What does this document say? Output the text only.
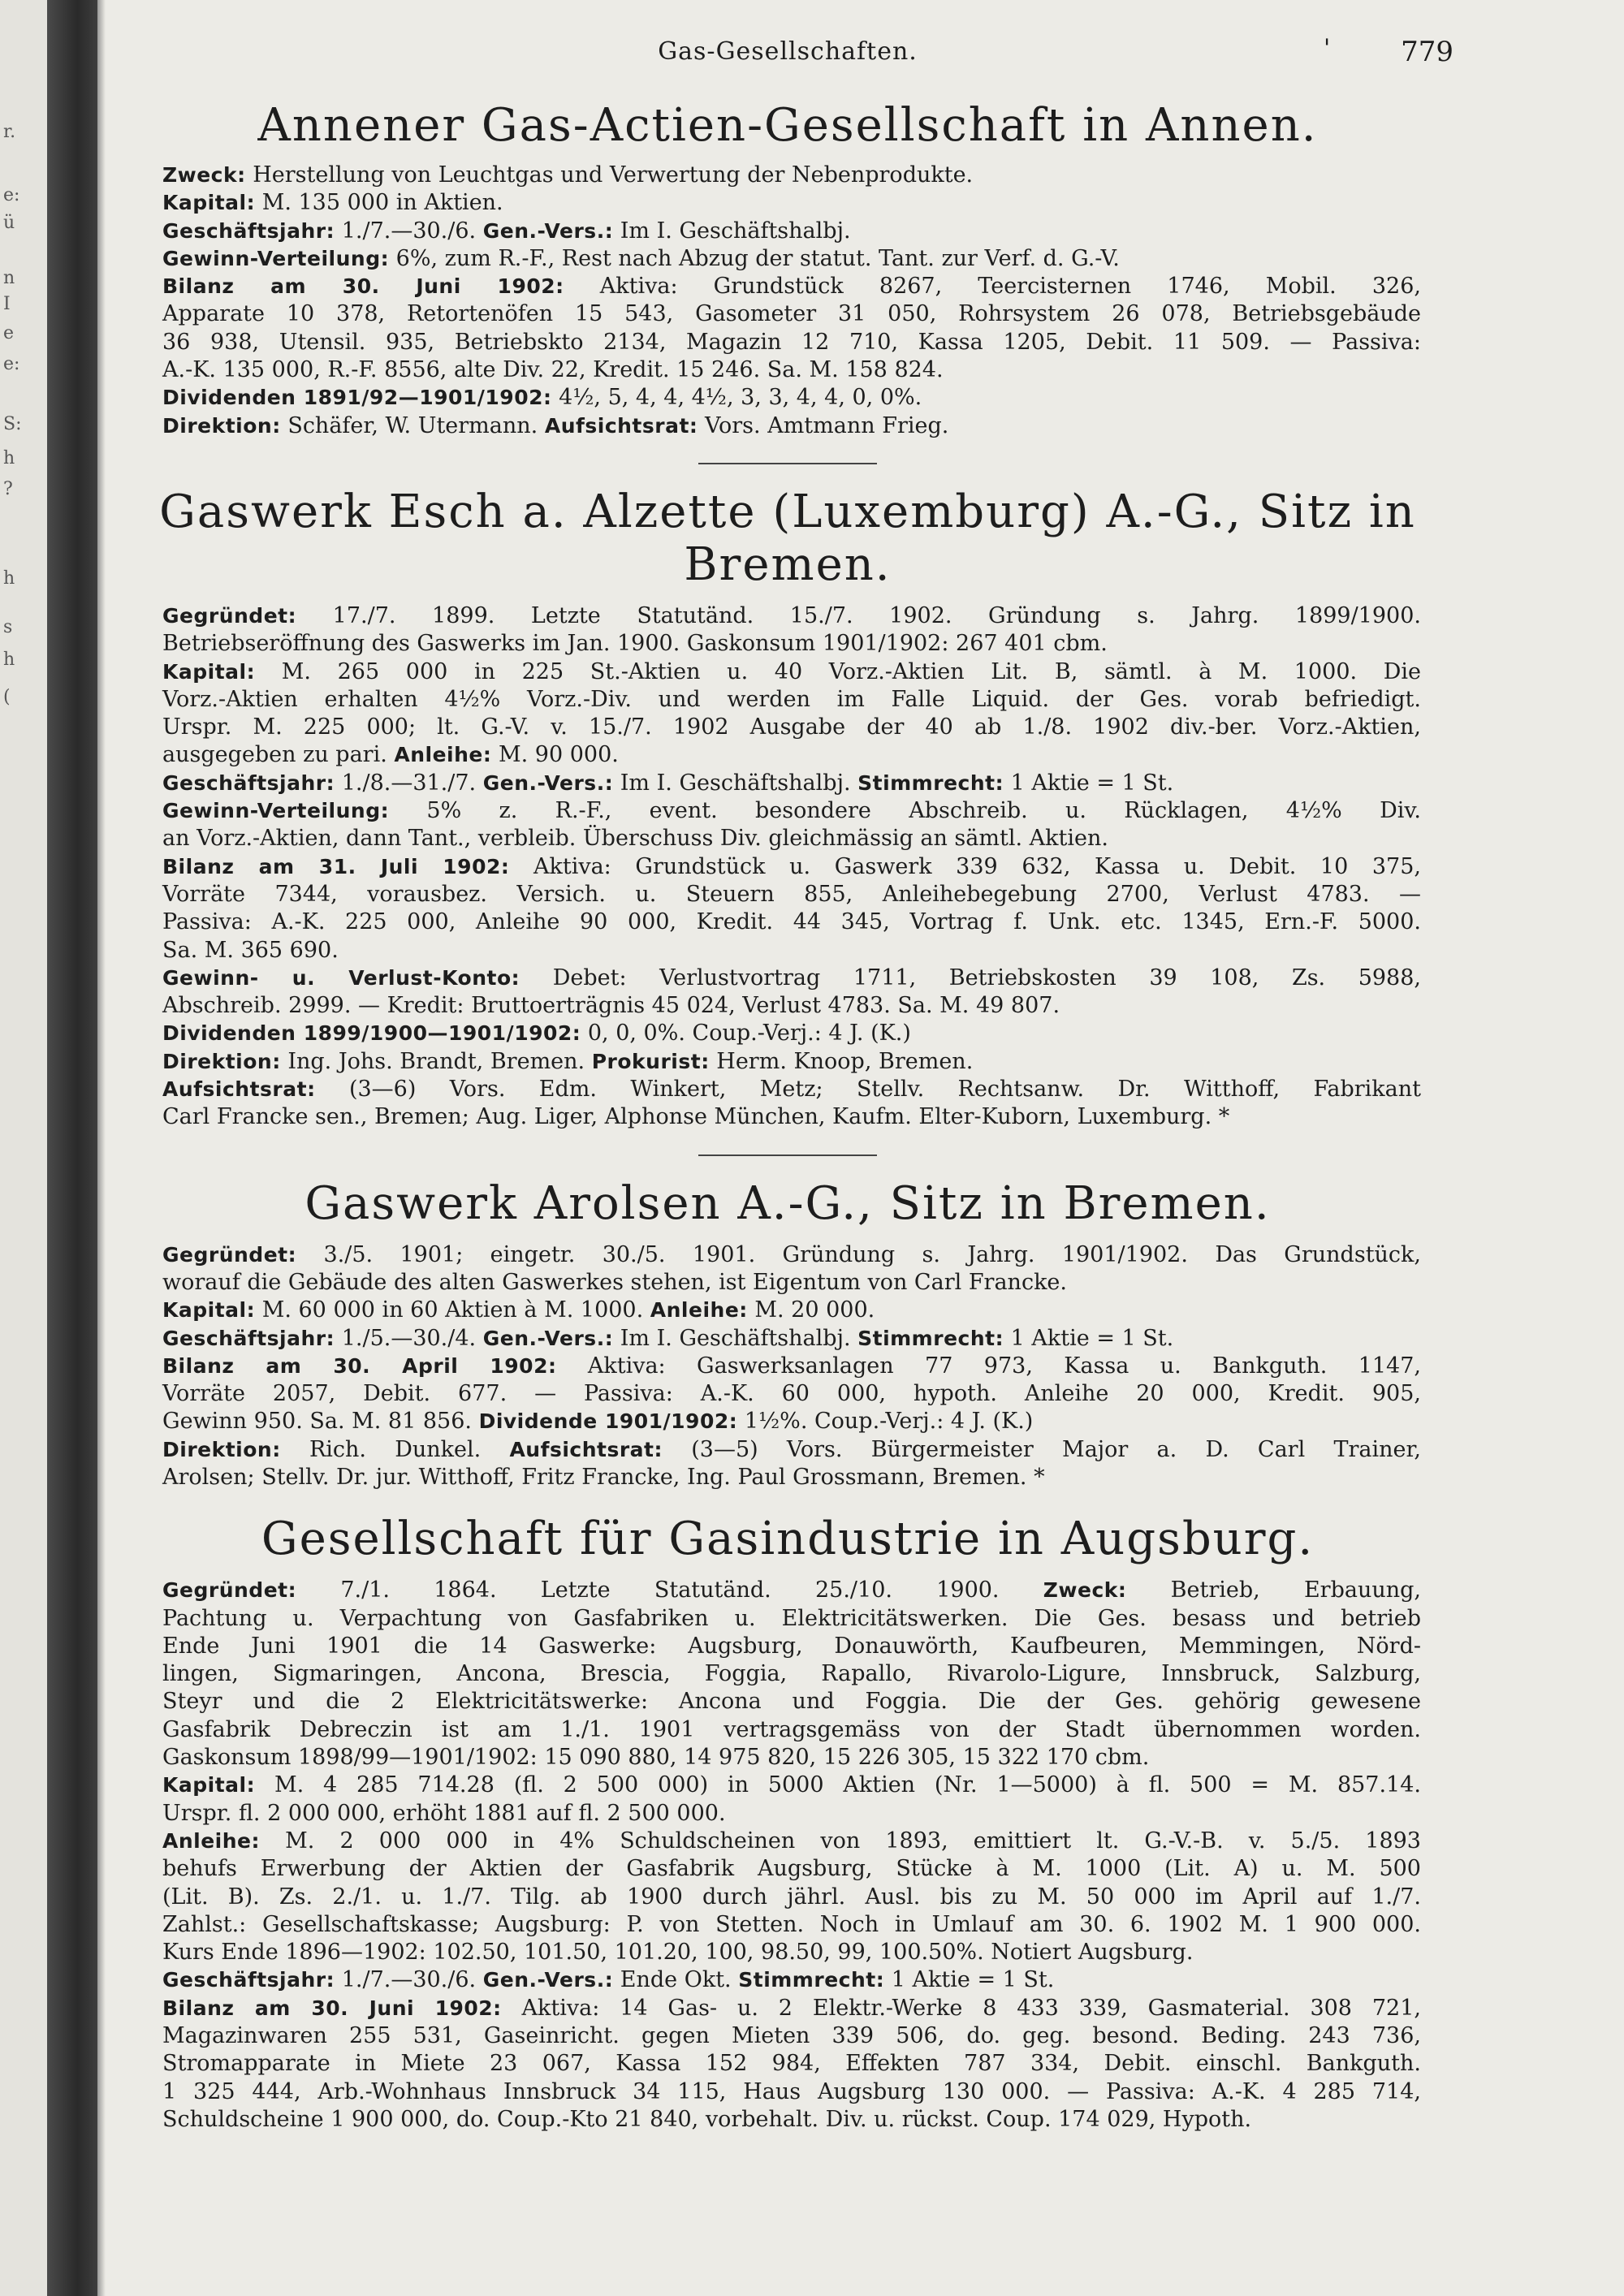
r.
e:
ü
n
I
e
e:
S:
h
?
h
s
h
(
Gas-Gesellschaften.	'	779
Annener Gas-Actien-Gesellschaft in Annen.

Zweck: Herstellung von Leuchtgas und Verwertung der Nebenprodukte.

Kapital: M. 135 000 in Aktien.

Geschäftsjahr: 1./7.—30./6. Gen.-Vers.: Im I. Geschäftshalbj.

Gewinn-Verteilung: 6%, zum R.-F., Rest nach Abzug der statut. Tant. zur Verf. d. G.-V.

Bilanz am 30. Juni 1902: Aktiva: Grundstück 8267, Teercisternen 1746, Mobil. 326,

Apparate 10 378, Retortenöfen 15 543, Gasometer 31 050, Rohrsystem 26 078, Betriebsgebäude

36 938, Utensil. 935, Betriebskto 2134, Magazin 12 710, Kassa 1205, Debit. 11 509. — Passiva:

A.-K. 135 000, R.-F. 8556, alte Div. 22, Kredit. 15 246. Sa. M. 158 824.

Dividenden 1891/92—1901/1902: 4½, 5, 4, 4, 4½, 3, 3, 4, 4, 0, 0%.

Direktion: Schäfer, W. Utermann. Aufsichtsrat: Vors. Amtmann Frieg.

Gaswerk Esch a. Alzette (Luxemburg) A.-G., Sitz in Bremen.

Gegründet: 17./7. 1899. Letzte Statutänd. 15./7. 1902. Gründung s. Jahrg. 1899/1900.

Betriebseröffnung des Gaswerks im Jan. 1900. Gaskonsum 1901/1902: 267 401 cbm.

Kapital: M. 265 000 in 225 St.-Aktien u. 40 Vorz.-Aktien Lit. B, sämtl. à M. 1000. Die

Vorz.-Aktien erhalten 4½% Vorz.-Div. und werden im Falle Liquid. der Ges. vorab befriedigt.

Urspr. M. 225 000; lt. G.-V. v. 15./7. 1902 Ausgabe der 40 ab 1./8. 1902 div.-ber. Vorz.-Aktien,

ausgegeben zu pari. Anleihe: M. 90 000.

Geschäftsjahr: 1./8.—31./7. Gen.-Vers.: Im I. Geschäftshalbj. Stimmrecht: 1 Aktie = 1 St.

Gewinn-Verteilung: 5% z. R.-F., event. besondere Abschreib. u. Rücklagen, 4½% Div.

an Vorz.-Aktien, dann Tant., verbleib. Überschuss Div. gleichmässig an sämtl. Aktien.

Bilanz am 31. Juli 1902: Aktiva: Grundstück u. Gaswerk 339 632, Kassa u. Debit. 10 375,

Vorräte 7344, vorausbez. Versich. u. Steuern 855, Anleihebegebung 2700, Verlust 4783. —

Passiva: A.-K. 225 000, Anleihe 90 000, Kredit. 44 345, Vortrag f. Unk. etc. 1345, Ern.-F. 5000.

Sa. M. 365 690.

Gewinn- u. Verlust-Konto: Debet: Verlustvortrag 1711, Betriebskosten 39 108, Zs. 5988,

Abschreib. 2999. — Kredit: Bruttoerträgnis 45 024, Verlust 4783. Sa. M. 49 807.

Dividenden 1899/1900—1901/1902: 0, 0, 0%. Coup.-Verj.: 4 J. (K.)

Direktion: Ing. Johs. Brandt, Bremen. Prokurist: Herm. Knoop, Bremen.

Aufsichtsrat: (3—6) Vors. Edm. Winkert, Metz; Stellv. Rechtsanw. Dr. Witthoff, Fabrikant

Carl Francke sen., Bremen; Aug. Liger, Alphonse München, Kaufm. Elter-Kuborn, Luxemburg. *

Gaswerk Arolsen A.-G., Sitz in Bremen.

Gegründet: 3./5. 1901; eingetr. 30./5. 1901. Gründung s. Jahrg. 1901/1902. Das Grundstück,

worauf die Gebäude des alten Gaswerkes stehen, ist Eigentum von Carl Francke.

Kapital: M. 60 000 in 60 Aktien à M. 1000. Anleihe: M. 20 000.

Geschäftsjahr: 1./5.—30./4. Gen.-Vers.: Im I. Geschäftshalbj. Stimmrecht: 1 Aktie = 1 St.

Bilanz am 30. April 1902: Aktiva: Gaswerksanlagen 77 973, Kassa u. Bankguth. 1147,

Vorräte 2057, Debit. 677. — Passiva: A.-K. 60 000, hypoth. Anleihe 20 000, Kredit. 905,

Gewinn 950. Sa. M. 81 856. Dividende 1901/1902: 1½%. Coup.-Verj.: 4 J. (K.)

Direktion: Rich. Dunkel. Aufsichtsrat: (3—5) Vors. Bürgermeister Major a. D. Carl Trainer,

Arolsen; Stellv. Dr. jur. Witthoff, Fritz Francke, Ing. Paul Grossmann, Bremen. *

Gesellschaft für Gasindustrie in Augsburg.

Gegründet: 7./1. 1864. Letzte Statutänd. 25./10. 1900. Zweck: Betrieb, Erbauung,

Pachtung u. Verpachtung von Gasfabriken u. Elektricitätswerken. Die Ges. besass und betrieb

Ende Juni 1901 die 14 Gaswerke: Augsburg, Donauwörth, Kaufbeuren, Memmingen, Nörd-

lingen, Sigmaringen, Ancona, Brescia, Foggia, Rapallo, Rivarolo-Ligure, Innsbruck, Salzburg,

Steyr und die 2 Elektricitätswerke: Ancona und Foggia. Die der Ges. gehörig gewesene

Gasfabrik Debreczin ist am 1./1. 1901 vertragsgemäss von der Stadt übernommen worden.

Gaskonsum 1898/99—1901/1902: 15 090 880, 14 975 820, 15 226 305, 15 322 170 cbm.

Kapital: M. 4 285 714.28 (fl. 2 500 000) in 5000 Aktien (Nr. 1—5000) à fl. 500 = M. 857.14.

Urspr. fl. 2 000 000, erhöht 1881 auf fl. 2 500 000.

Anleihe: M. 2 000 000 in 4% Schuldscheinen von 1893, emittiert lt. G.-V.-B. v. 5./5. 1893

behufs Erwerbung der Aktien der Gasfabrik Augsburg, Stücke à M. 1000 (Lit. A) u. M. 500

(Lit. B). Zs. 2./1. u. 1./7. Tilg. ab 1900 durch jährl. Ausl. bis zu M. 50 000 im April auf 1./7.

Zahlst.: Gesellschaftskasse; Augsburg: P. von Stetten. Noch in Umlauf am 30. 6. 1902 M. 1 900 000.

Kurs Ende 1896—1902: 102.50, 101.50, 101.20, 100, 98.50, 99, 100.50%. Notiert Augsburg.

Geschäftsjahr: 1./7.—30./6. Gen.-Vers.: Ende Okt. Stimmrecht: 1 Aktie = 1 St.

Bilanz am 30. Juni 1902: Aktiva: 14 Gas- u. 2 Elektr.-Werke 8 433 339, Gasmaterial. 308 721,

Magazinwaren 255 531, Gaseinricht. gegen Mieten 339 506, do. geg. besond. Beding. 243 736,

Stromapparate in Miete 23 067, Kassa 152 984, Effekten 787 334, Debit. einschl. Bankguth.

1 325 444, Arb.-Wohnhaus Innsbruck 34 115, Haus Augsburg 130 000. — Passiva: A.-K. 4 285 714,

Schuldscheine 1 900 000, do. Coup.-Kto 21 840, vorbehalt. Div. u. rückst. Coup. 174 029, Hypoth.
